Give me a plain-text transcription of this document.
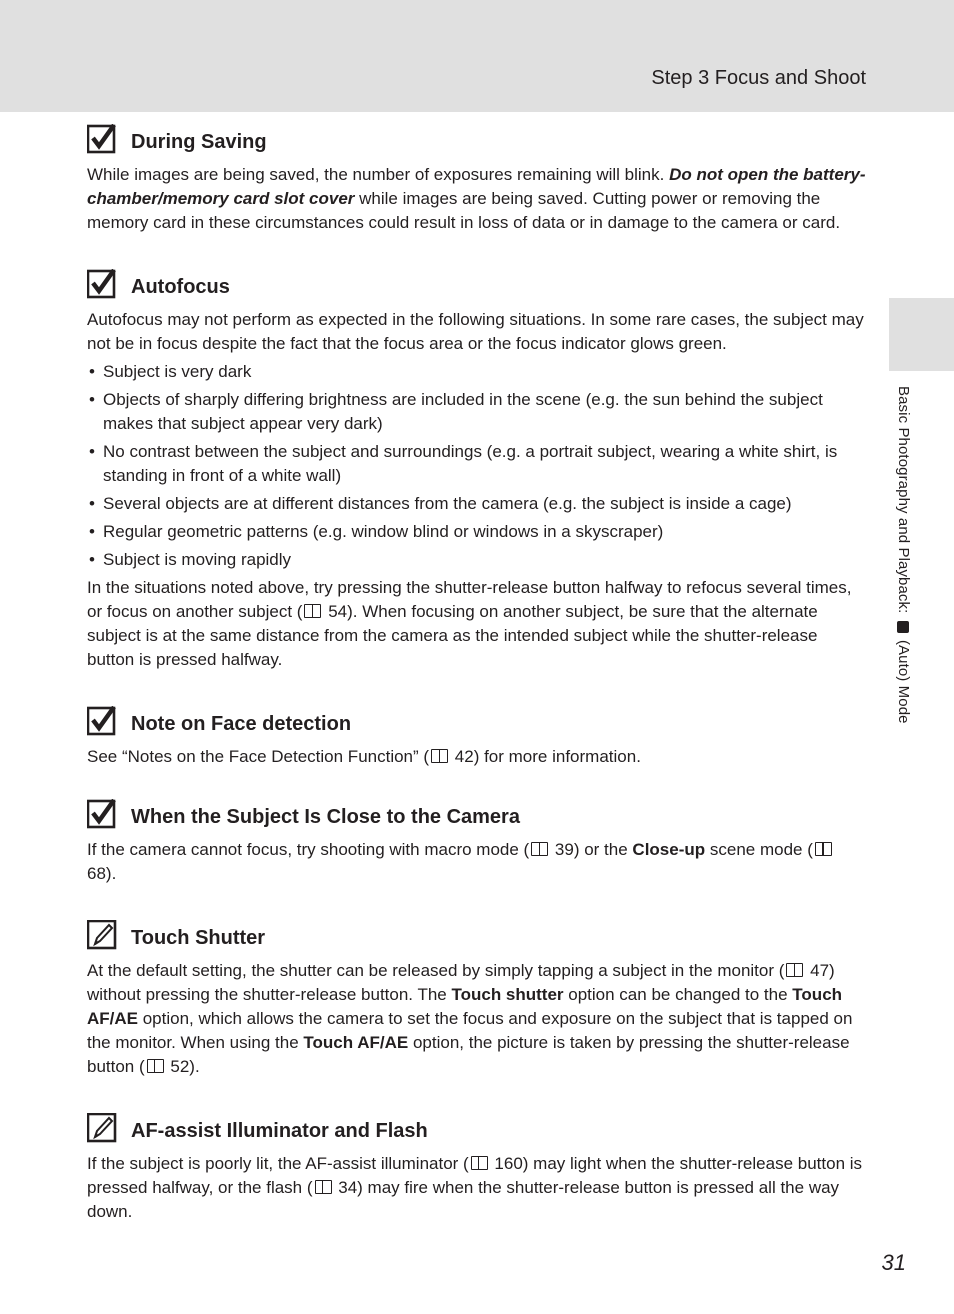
Step 3 Focus and Shoot
Basic Photography and Playback:  (Auto) Mode
During Saving

While images are being saved, the number of exposures remaining will blink. Do not open the battery-chamber/memory card slot cover while images are being saved. Cutting power or removing the memory card in these circumstances could result in loss of data or in damage to the camera or card.

Autofocus

Autofocus may not perform as expected in the following situations. In some rare cases, the subject may not be in focus despite the fact that the focus area or the focus indicator glows green.

• Subject is very dark
• Objects of sharply differing brightness are included in the scene (e.g. the sun behind the subject makes that subject appear very dark)
• No contrast between the subject and surroundings (e.g. a portrait subject, wearing a white shirt, is standing in front of a white wall)
• Several objects are at different distances from the camera (e.g. the subject is inside a cage)
• Regular geometric patterns (e.g. window blind or windows in a skyscraper)
• Subject is moving rapidly

In the situations noted above, try pressing the shutter-release button halfway to refocus several times, or focus on another subject ( 54). When focusing on another subject, be sure that the alternate subject is at the same distance from the camera as the intended subject while the shutter-release button is pressed halfway.

Note on Face detection

See “Notes on the Face Detection Function” ( 42) for more information.

When the Subject Is Close to the Camera

If the camera cannot focus, try shooting with macro mode ( 39) or the Close-up scene mode ( 68).

Touch Shutter

At the default setting, the shutter can be released by simply tapping a subject in the monitor ( 47) without pressing the shutter-release button. The Touch shutter option can be changed to the Touch AF/AE option, which allows the camera to set the focus and exposure on the subject that is tapped on the monitor. When using the Touch AF/AE option, the picture is taken by pressing the shutter-release button ( 52).

AF-assist Illuminator and Flash

If the subject is poorly lit, the AF-assist illuminator ( 160) may light when the shutter-release button is pressed halfway, or the flash ( 34) may fire when the shutter-release button is pressed all the way down.

31
